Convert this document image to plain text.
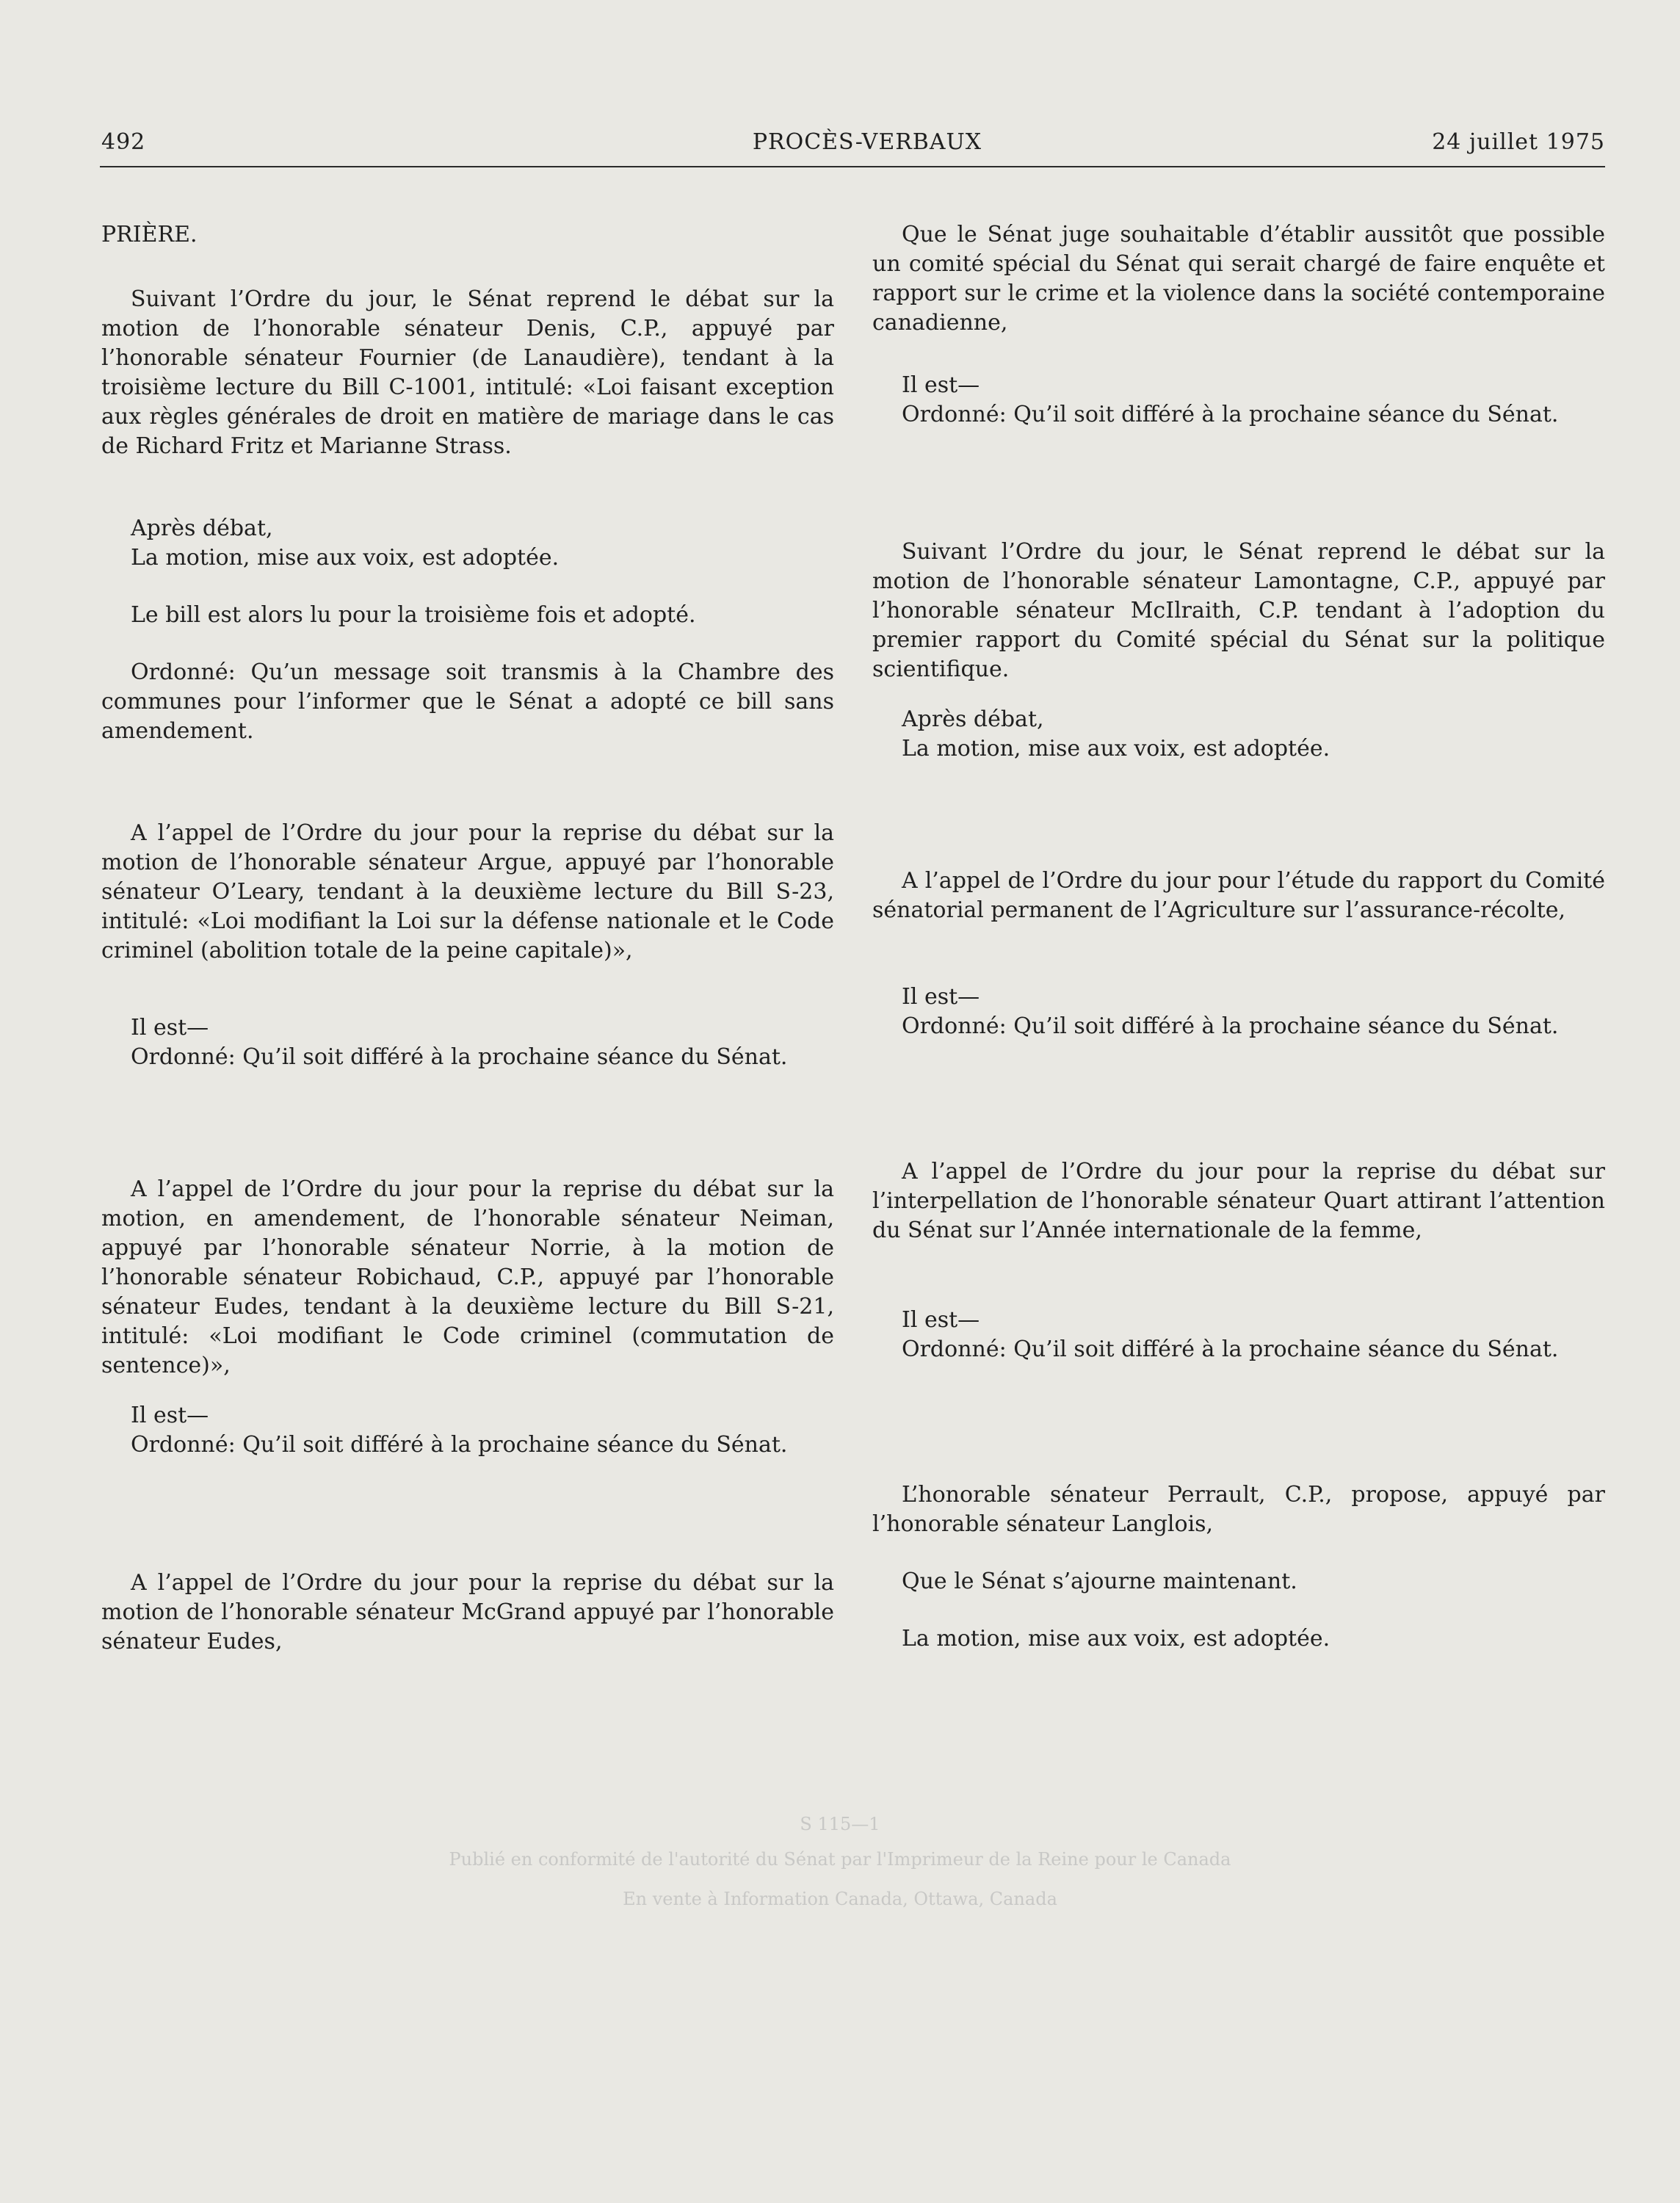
492	PROCÈS-VERBAUX	24 juillet 1975
PRIÈRE.
Suivant l’Ordre du jour, le Sénat reprend le débat sur la motion de l’honorable sénateur Denis, C.P., appuyé par l’honorable sénateur Fournier (de Lanaudière), tendant à la troisième lecture du Bill C-1001, intitulé: «Loi faisant exception aux règles générales de droit en matière de mariage dans le cas de Richard Fritz et Marianne Strass.
Après débat,
La motion, mise aux voix, est adoptée.
Le bill est alors lu pour la troisième fois et adopté.
Ordonné: Qu’un message soit transmis à la Chambre des communes pour l’informer que le Sénat a adopté ce bill sans amendement.
A l’appel de l’Ordre du jour pour la reprise du débat sur la motion de l’honorable sénateur Argue, appuyé par l’honorable sénateur O’Leary, tendant à la deuxième lecture du Bill S-23, intitulé: «Loi modifiant la Loi sur la défense nationale et le Code criminel (abolition totale de la peine capitale)»,
Il est—
Ordonné: Qu’il soit différé à la prochaine séance du Sénat.
A l’appel de l’Ordre du jour pour la reprise du débat sur la motion, en amendement, de l’honorable sénateur Neiman, appuyé par l’honorable sénateur Norrie, à la motion de l’honorable sénateur Robichaud, C.P., appuyé par l’honorable sénateur Eudes, tendant à la deuxième lecture du Bill S-21, intitulé: «Loi modifiant le Code criminel (commutation de sentence)»,
Il est—
Ordonné: Qu’il soit différé à la prochaine séance du Sénat.
A l’appel de l’Ordre du jour pour la reprise du débat sur la motion de l’honorable sénateur McGrand appuyé par l’honorable sénateur Eudes,
Que le Sénat juge souhaitable d’établir aussitôt que possible un comité spécial du Sénat qui serait chargé de faire enquête et rapport sur le crime et la violence dans la société contemporaine canadienne,
Il est—
Ordonné: Qu’il soit différé à la prochaine séance du Sénat.
Suivant l’Ordre du jour, le Sénat reprend le débat sur la motion de l’honorable sénateur Lamontagne, C.P., appuyé par l’honorable sénateur McIlraith, C.P. tendant à l’adoption du premier rapport du Comité spécial du Sénat sur la politique scientifique.
Après débat,
La motion, mise aux voix, est adoptée.
A l’appel de l’Ordre du jour pour l’étude du rapport du Comité sénatorial permanent de l’Agriculture sur l’assurance-récolte,
Il est—
Ordonné: Qu’il soit différé à la prochaine séance du Sénat.
A l’appel de l’Ordre du jour pour la reprise du débat sur l’interpellation de l’honorable sénateur Quart attirant l’attention du Sénat sur l’Année internationale de la femme,
Il est—
Ordonné: Qu’il soit différé à la prochaine séance du Sénat.
L’honorable sénateur Perrault, C.P., propose, appuyé par l’honorable sénateur Langlois,
Que le Sénat s’ajourne maintenant.
La motion, mise aux voix, est adoptée.
S 115—1
Publié en conformité de l'autorité du Sénat par l'Imprimeur de la Reine pour le Canada
En vente à Information Canada, Ottawa, Canada
